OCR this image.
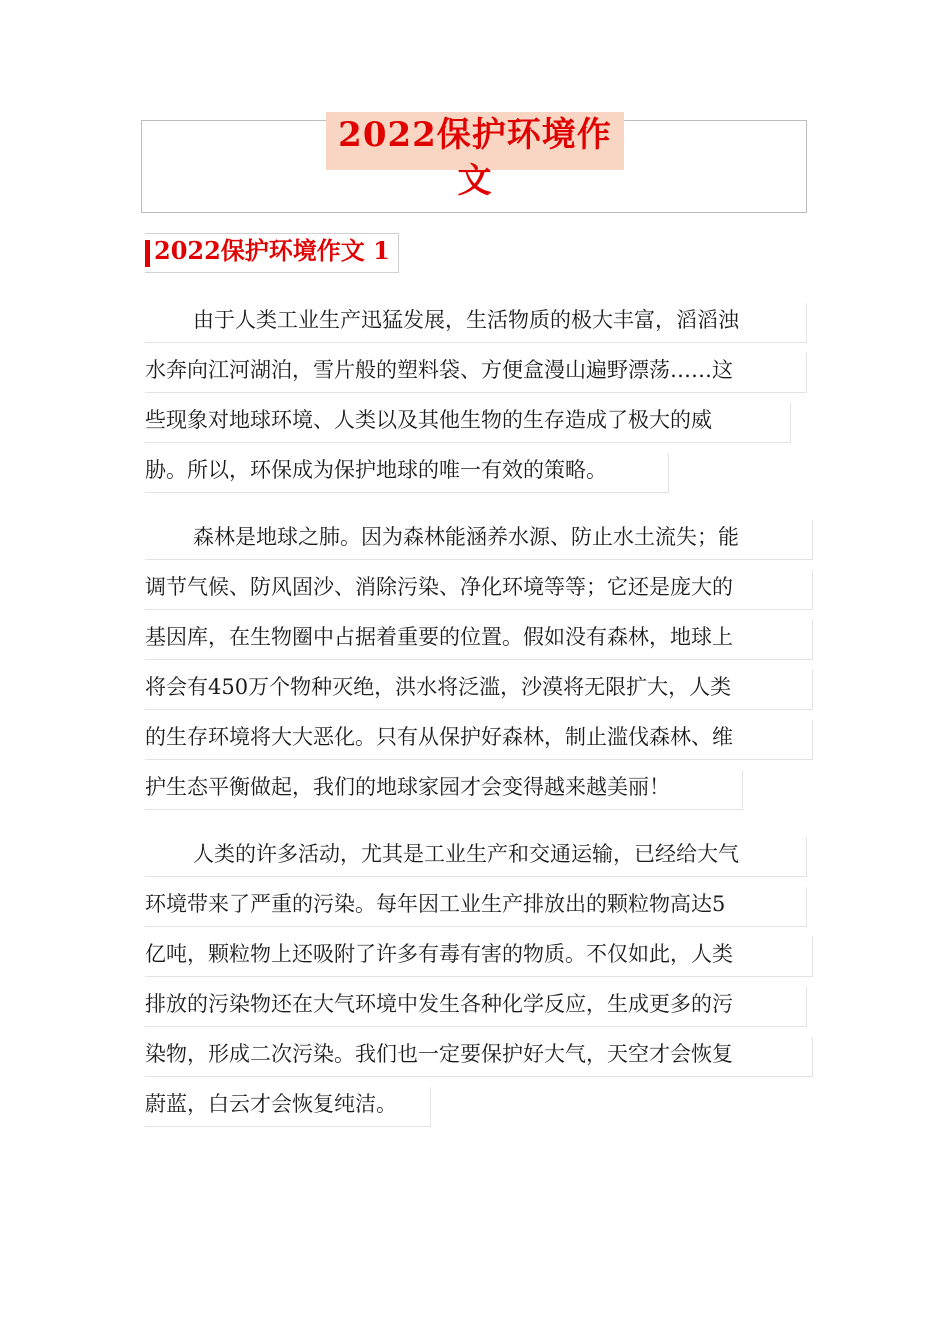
2022保护环境作文
2022保护环境作文 1
由于人类工业生产迅猛发展，生活物质的极大丰富，滔滔浊
水奔向江河湖泊，雪片般的塑料袋、方便盒漫山遍野漂荡……这
些现象对地球环境、人类以及其他生物的生存造成了极大的威
胁。所以，环保成为保护地球的唯一有效的策略。
森林是地球之肺。因为森林能涵养水源、防止水土流失；能
调节气候、防风固沙、消除污染、净化环境等等；它还是庞大的
基因库，在生物圈中占据着重要的位置。假如没有森林，地球上
将会有450万个物种灭绝，洪水将泛滥，沙漠将无限扩大，人类
的生存环境将大大恶化。只有从保护好森林，制止滥伐森林、维
护生态平衡做起，我们的地球家园才会变得越来越美丽！
人类的许多活动，尤其是工业生产和交通运输，已经给大气
环境带来了严重的污染。每年因工业生产排放出的颗粒物高达5
亿吨，颗粒物上还吸附了许多有毒有害的物质。不仅如此，人类
排放的污染物还在大气环境中发生各种化学反应，生成更多的污
染物，形成二次污染。我们也一定要保护好大气，天空才会恢复
蔚蓝，白云才会恢复纯洁。
